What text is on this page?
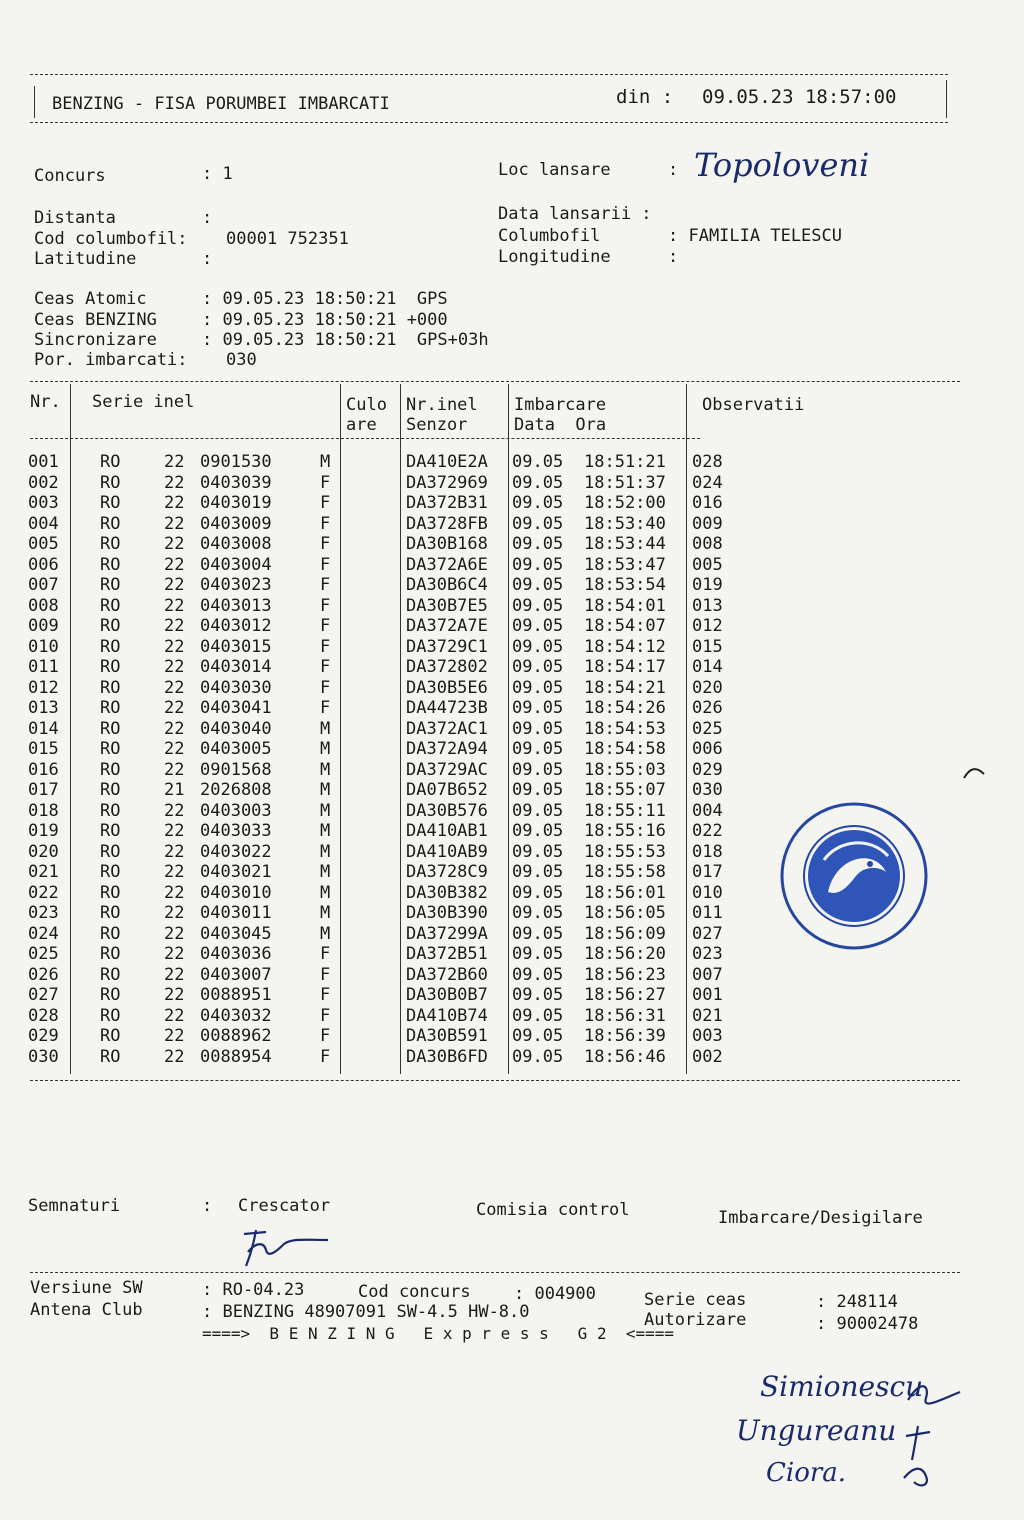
BENZING - FISA PORUMBEI IMBARCATI	din : 09.05.23 18:57:00
Concurs	: 1	Loc lansare	: Topoloveni
Distanta	:	Data lansarii :
Cod columbofil: 00001 752351	Columbofil	: FAMILIA TELESCU
Latitudine	:	Longitudine	:
Ceas Atomic	: 09.05.23 18:50:21  GPS
Ceas BENZING	: 09.05.23 18:50:21 +000
Sincronizare	: 09.05.23 18:50:21  GPS+03h
Por. imbarcati: 030
Nr. Serie inel	Culo
are
Nr.inel
Senzor
Imbarcare
Data  Ora
Observatii
001 RO	22 0901530	M	DA410E2A 09.05 18:51:21 028
002 RO	22 0403039	F	DA372969 09.05 18:51:37 024
003 RO	22 0403019	F	DA372B31 09.05 18:52:00 016
004 RO	22 0403009	F	DA3728FB 09.05 18:53:40 009
005 RO	22 0403008	F	DA30B168 09.05 18:53:44 008
006 RO	22 0403004	F	DA372A6E 09.05 18:53:47 005
007 RO	22 0403023	F	DA30B6C4 09.05 18:53:54 019
008 RO	22 0403013	F	DA30B7E5 09.05 18:54:01 013
009 RO	22 0403012	F	DA372A7E 09.05 18:54:07 012
010 RO	22 0403015	F	DA3729C1 09.05 18:54:12 015
011 RO	22 0403014	F	DA372802 09.05 18:54:17 014
012 RO	22 0403030	F	DA30B5E6 09.05 18:54:21 020
013 RO	22 0403041	F	DA44723B 09.05 18:54:26 026
014 RO	22 0403040	M	DA372AC1 09.05 18:54:53 025
015 RO	22 0403005	M	DA372A94 09.05 18:54:58 006
016 RO	22 0901568	M	DA3729AC 09.05 18:55:03 029
017 RO	21 2026808	M	DA07B652 09.05 18:55:07 030
018 RO	22 0403003	M	DA30B576 09.05 18:55:11 004
019 RO	22 0403033	M	DA410AB1 09.05 18:55:16 022
020 RO	22 0403022	M	DA410AB9 09.05 18:55:53 018
021 RO	22 0403021	M	DA3728C9 09.05 18:55:58 017
022 RO	22 0403010	M	DA30B382 09.05 18:56:01 010
023 RO	22 0403011	M	DA30B390 09.05 18:56:05 011
024 RO	22 0403045	M	DA37299A 09.05 18:56:09 027
025 RO	22 0403036	F	DA372B51 09.05 18:56:20 023
026 RO	22 0403007	F	DA372B60 09.05 18:56:23 007
027 RO	22 0088951	F	DA30B0B7 09.05 18:56:27 001
028 RO	22 0403032	F	DA410B74 09.05 18:56:31 021
029 RO	22 0088962	F	DA30B591 09.05 18:56:39 003
030 RO	22 0088954	F	DA30B6FD 09.05 18:56:46 002
Semnaturi	: Crescator	Comisia control	Imbarcare/Desigilare
Versiune SW	: RO-04.23	Cod concurs	: 004900	Serie ceas	: 248114
Antena Club	: BENZING 48907091 SW-4.5 HW-8.0	Autorizare	: 90002478
====>  B E N Z I N G   E x p r e s s   G 2  <====
Simionescu
Ungureanu
Ciora.
